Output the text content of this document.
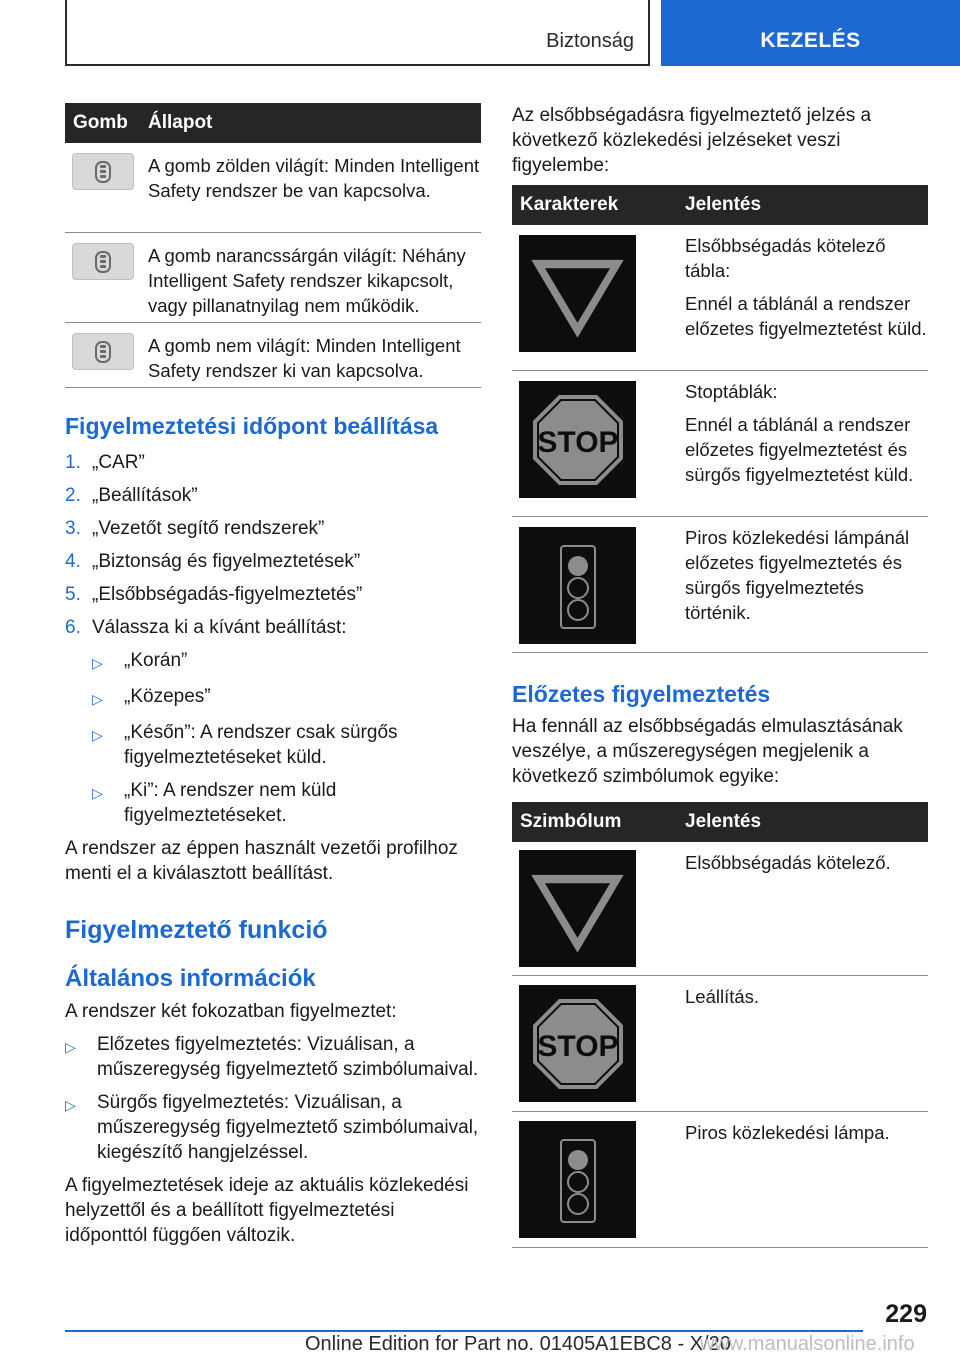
Biztonság	KEZELÉS
Gomb	Állapot
A gomb zölden világít: Minden Intelligent Safety rendszer be van kapcsolva.
A gomb narancssárgán világít: Néhány Intelligent Safety rendszer kikapcsolt, vagy pillanatnyilag nem működik.
A gomb nem világít: Minden Intelligent Safety rendszer ki van kapcsolva.
Figyelmeztetési időpont beállítása
1. „CAR”
2. „Beállítások”
3. „Vezetőt segítő rendszerek”
4. „Biztonság és figyelmeztetések”
5. „Elsőbbségadás-figyelmeztetés”
6. Válassza ki a kívánt beállítást:
▷	„Korán”
▷	„Közepes”
▷	„Későn”: A rendszer csak sürgős figyelmeztetéseket küld.
▷	„Ki”: A rendszer nem küld figyelmeztetéseket.

A rendszer az éppen használt vezetői profilhoz menti el a kiválasztott beállítást.

Figyelmeztető funkció
Általános információk

A rendszer két fokozatban figyelmeztet:

▷	Előzetes figyelmeztetés: Vizuálisan, a műszeregység figyelmeztető szimbólumaival.
▷	Sürgős figyelmeztetés: Vizuálisan, a műszeregység figyelmeztető szimbólumaival, kiegészítő hangjelzéssel.

A figyelmeztetések ideje az aktuális közlekedési helyzettől és a beállított figyelmeztetési időponttól függően változik.

Az elsőbbségadásra figyelmeztető jelzés a következő közlekedési jelzéseket veszi figyelembe:

Karakterek	Jelentés

Elsőbbségadás kötelező tábla:

Ennél a táblánál a rendszer előzetes figyelmeztetést küld.

STOP

Stoptáblák:

Ennél a táblánál a rendszer előzetes figyelmeztetést és sürgős figyelmeztetést küld.

Piros közlekedési lámpánál előzetes figyelmeztetés és sürgős figyelmeztetés történik.

Előzetes figyelmeztetés

Ha fennáll az elsőbbségadás elmulasztásának veszélye, a műszeregységen megjelenik a következő szimbólumok egyike:

Szimbólum	Jelentés
Elsőbbségadás kötelező.
STOP
Leállítás.
Piros közlekedési lámpa.
229
Online Edition for Part no. 01405A1EBC8 - X/20
www.manualsonline.info
